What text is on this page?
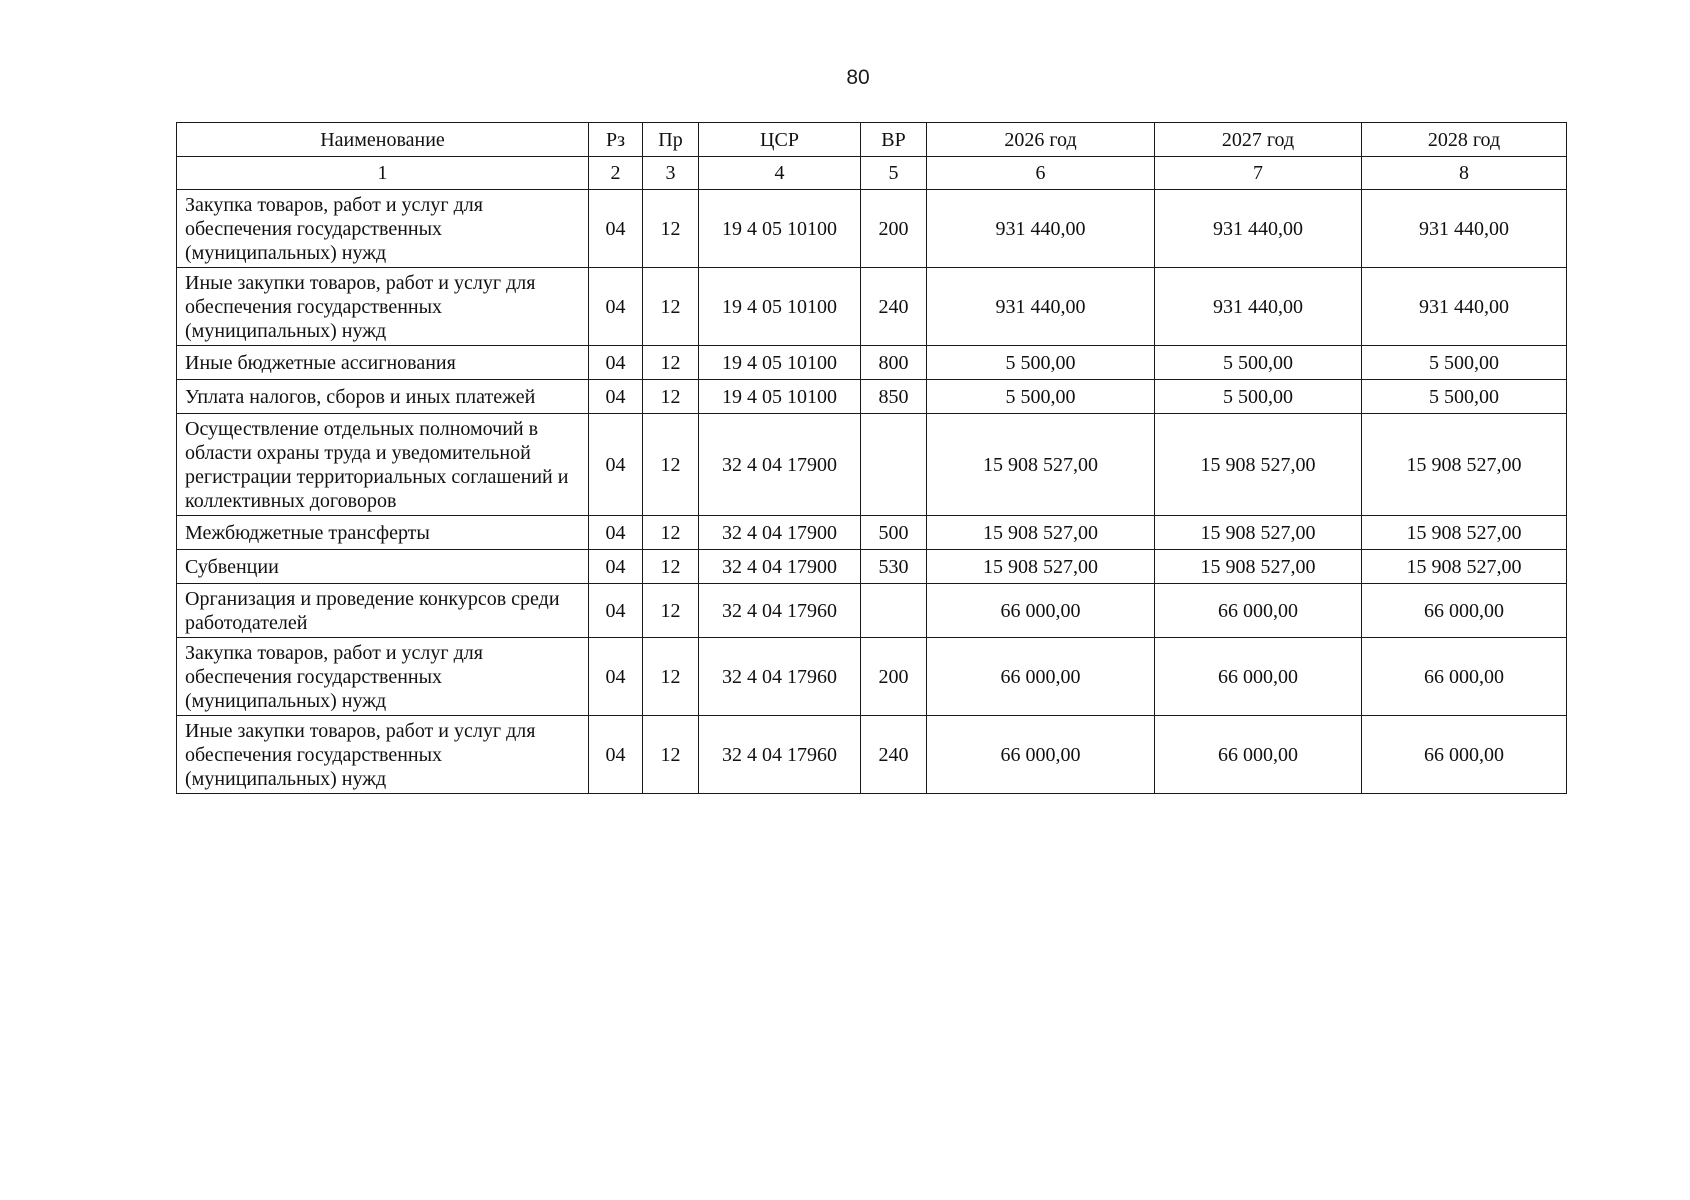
80
Наименование	Рз	Пр	ЦСР	ВР	2026 год	2027 год	2028 год
1	2	3	4	5	6	7	8
Закупка товаров, работ и услуг для обеспечения государственных (муниципальных) нужд	04	12	19 4 05 10100	200	931 440,00	931 440,00	931 440,00
Иные закупки товаров, работ и услуг для обеспечения государственных (муниципальных) нужд	04	12	19 4 05 10100	240	931 440,00	931 440,00	931 440,00
Иные бюджетные ассигнования	04	12	19 4 05 10100	800	5 500,00	5 500,00	5 500,00
Уплата налогов, сборов и иных платежей	04	12	19 4 05 10100	850	5 500,00	5 500,00	5 500,00
Осуществление отдельных полномочий в области охраны труда и уведомительной регистрации территориальных соглашений и коллективных договоров	04	12	32 4 04 17900		15 908 527,00	15 908 527,00	15 908 527,00
Межбюджетные трансферты	04	12	32 4 04 17900	500	15 908 527,00	15 908 527,00	15 908 527,00
Субвенции	04	12	32 4 04 17900	530	15 908 527,00	15 908 527,00	15 908 527,00
Организация и проведение конкурсов среди работодателей	04	12	32 4 04 17960		66 000,00	66 000,00	66 000,00
Закупка товаров, работ и услуг для обеспечения государственных (муниципальных) нужд	04	12	32 4 04 17960	200	66 000,00	66 000,00	66 000,00
Иные закупки товаров, работ и услуг для обеспечения государственных (муниципальных) нужд	04	12	32 4 04 17960	240	66 000,00	66 000,00	66 000,00
